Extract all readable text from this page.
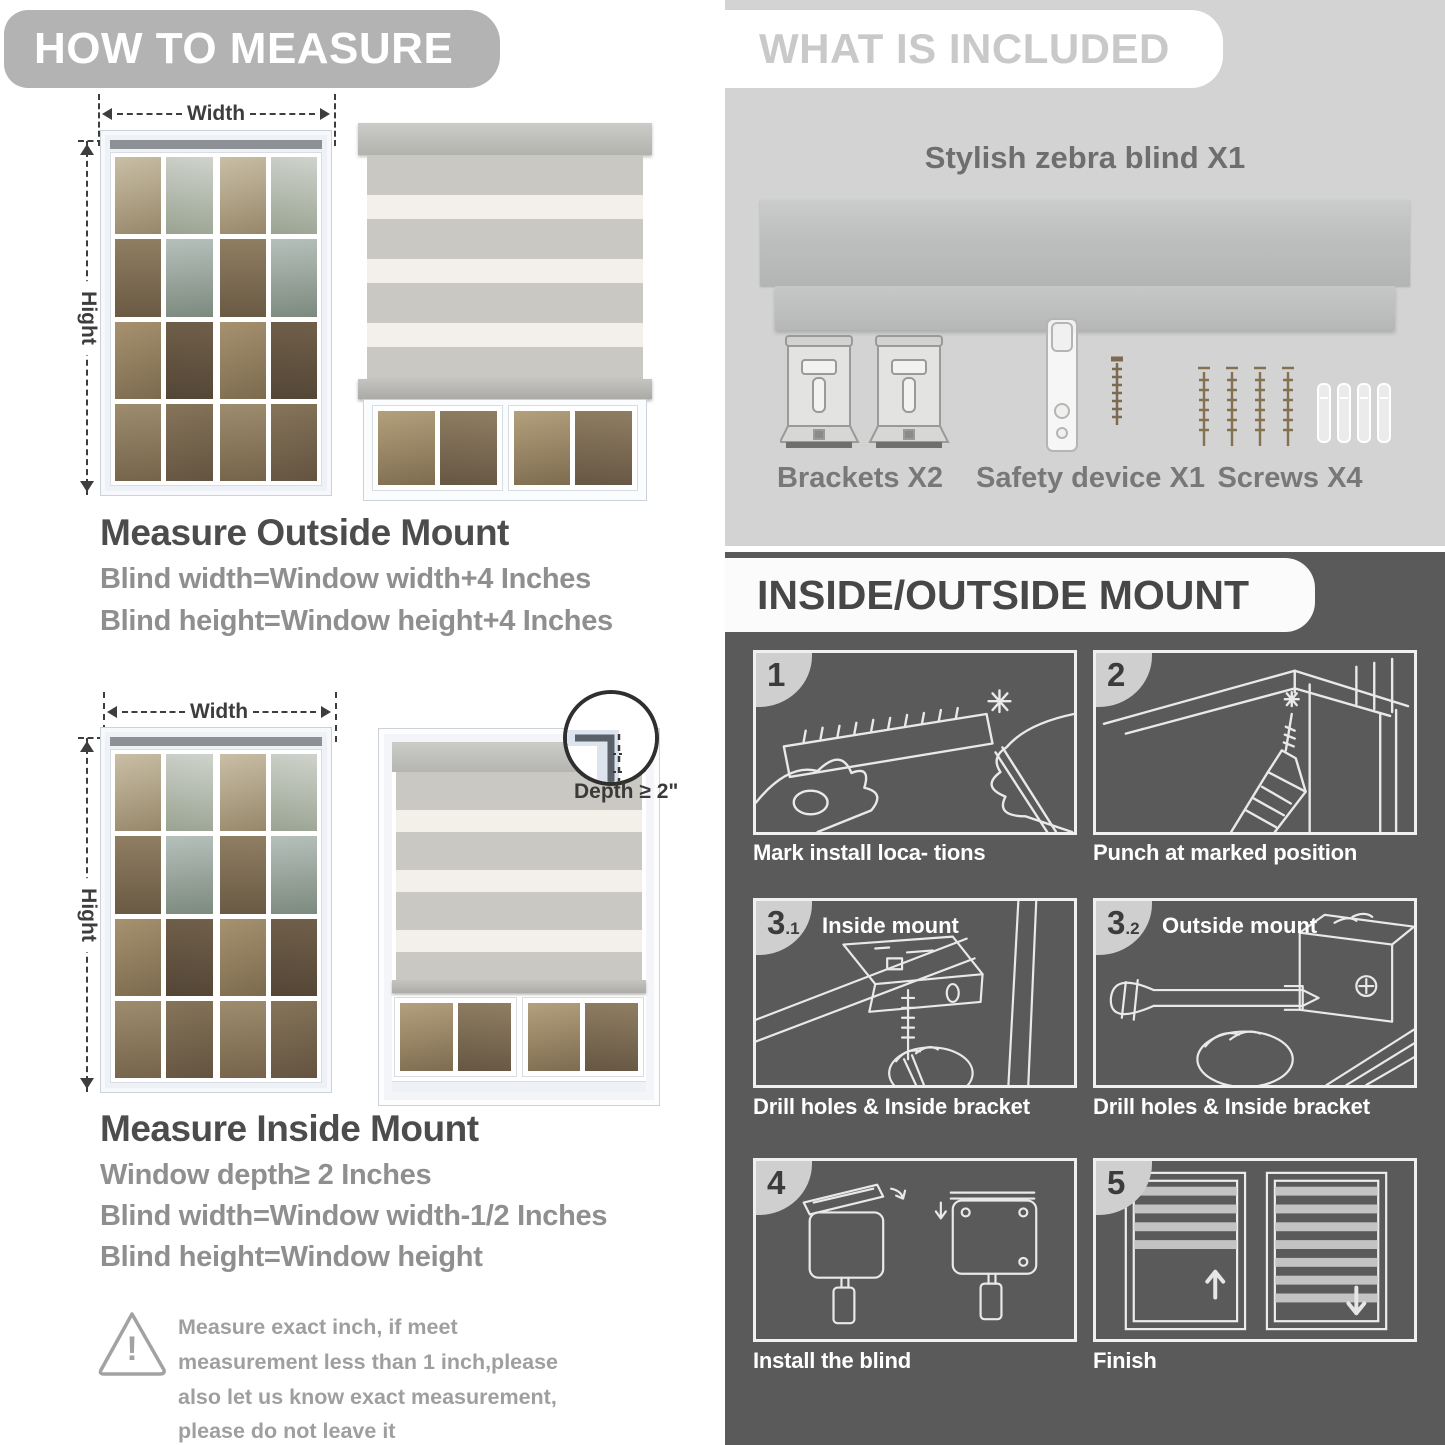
HOW TO MEASURE
Width
Hight
Measure Outside Mount
Blind width=Window width+4 Inches
Blind height=Window height+4 Inches
Width
Hight
Depth ≥ 2"
Measure Inside Mount
Window depth≥ 2 Inches
Blind width=Window width-1/2 Inches
Blind height=Window height
!
Measure exact inch, if meet measurement less than 1 inch,please also let us know exact measurement, please do not leave it
WHAT IS INCLUDED
Stylish zebra blind X1
Brackets X2	Safety device X1 Screws X4
INSIDE/OUTSIDE MOUNT
1
Mark install loca- tions
2
Punch at marked position
3.1	Inside mount
Drill holes & Inside bracket
3.2	Outside mount
Drill holes & Inside bracket
4
Install the blind
5
Finish
